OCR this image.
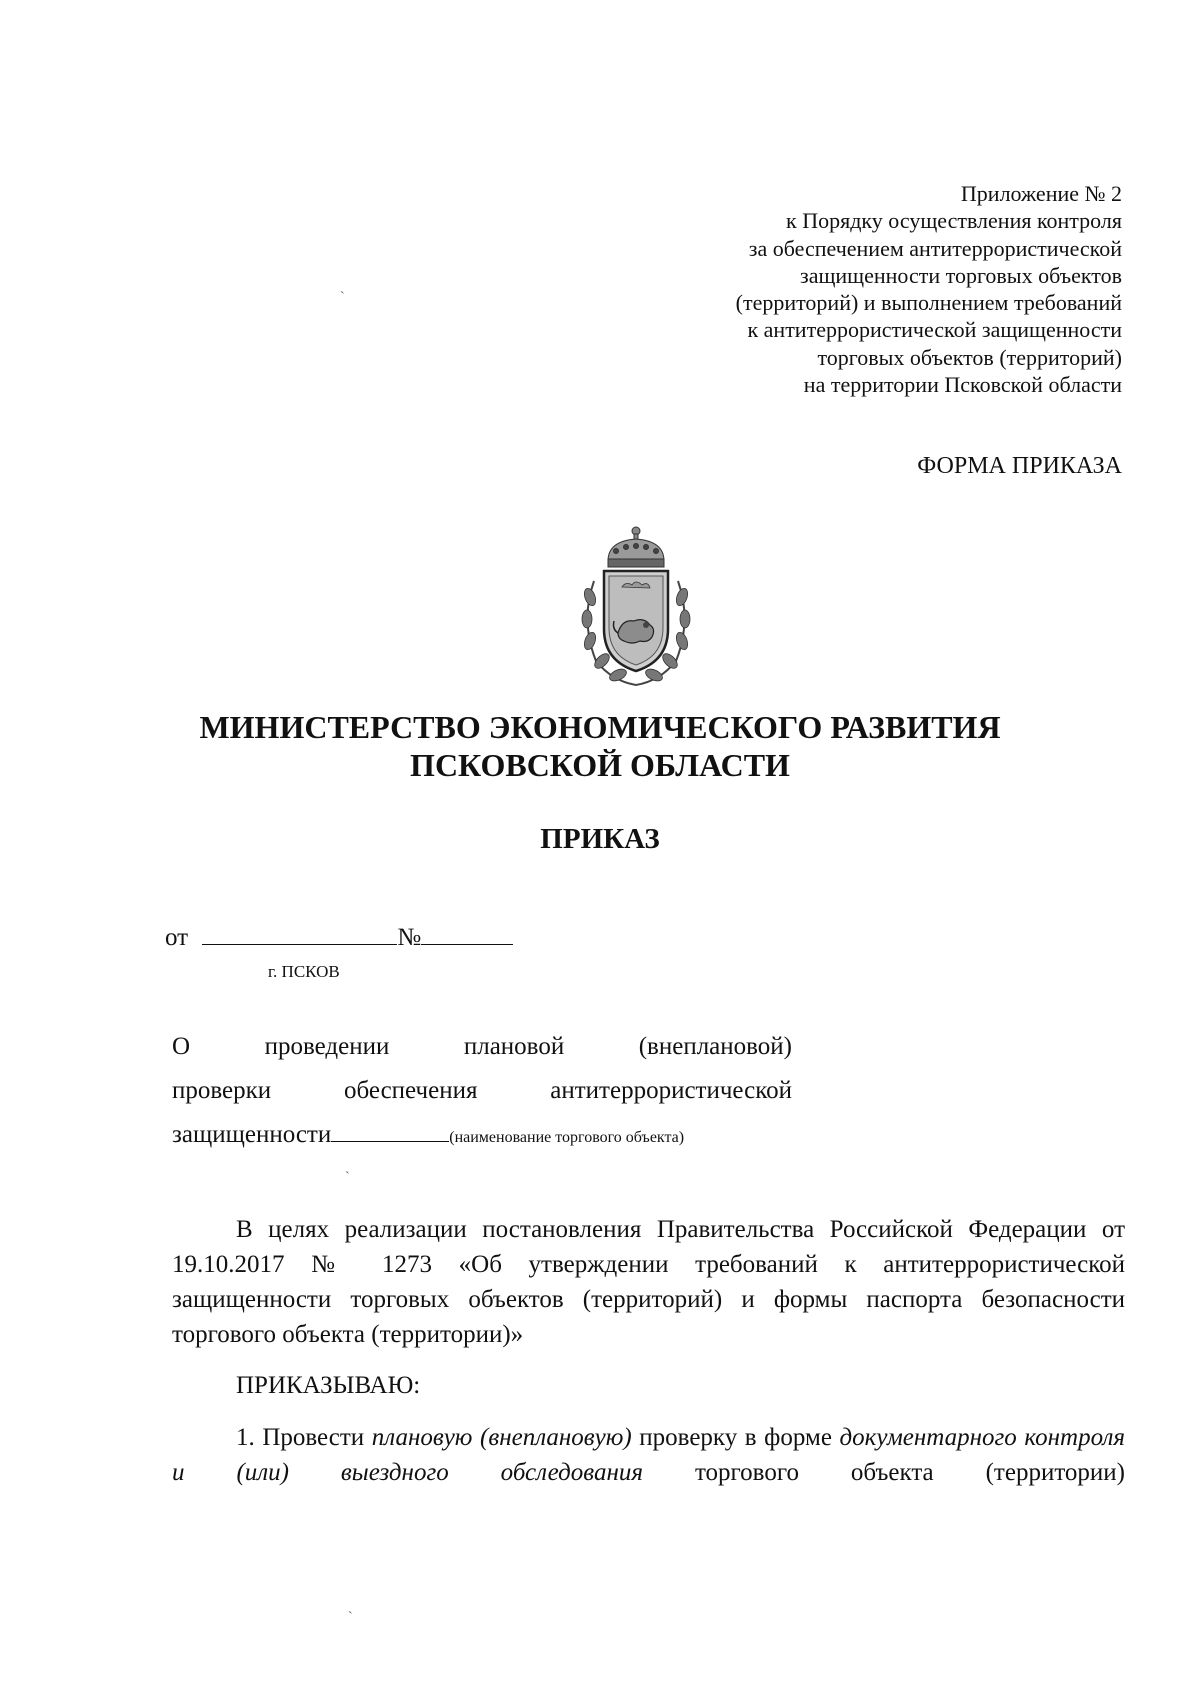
Приложение № 2
к Порядку осуществления контроля
за обеспечением антитеррористической
защищенности торговых объектов
(территорий) и выполнением требований
к антитеррористической защищенности
торговых объектов (территорий)
на территории Псковской области
ФОРМА ПРИКАЗА
МИНИСТЕРСТВО ЭКОНОМИЧЕСКОГО РАЗВИТИЯ
ПСКОВСКОЙ ОБЛАСТИ
ПРИКАЗ
от	№
г. ПСКОВ
О проведении плановой (внеплановой)
проверки обеспечения антитеррористической
защищенности	(наименование торгового объекта)
В целях реализации постановления Правительства Российской Федерации от 19.10.2017 № 1273 «Об утверждении требований к антитеррористической защищенности торговых объектов (территорий) и формы паспорта безопасности торгового объекта (территории)»
ПРИКАЗЫВАЮ:
1. Провести плановую (внеплановую) проверку в форме документарного контроля и (или) выездного обследования торгового объекта (территории)
`
`
`
